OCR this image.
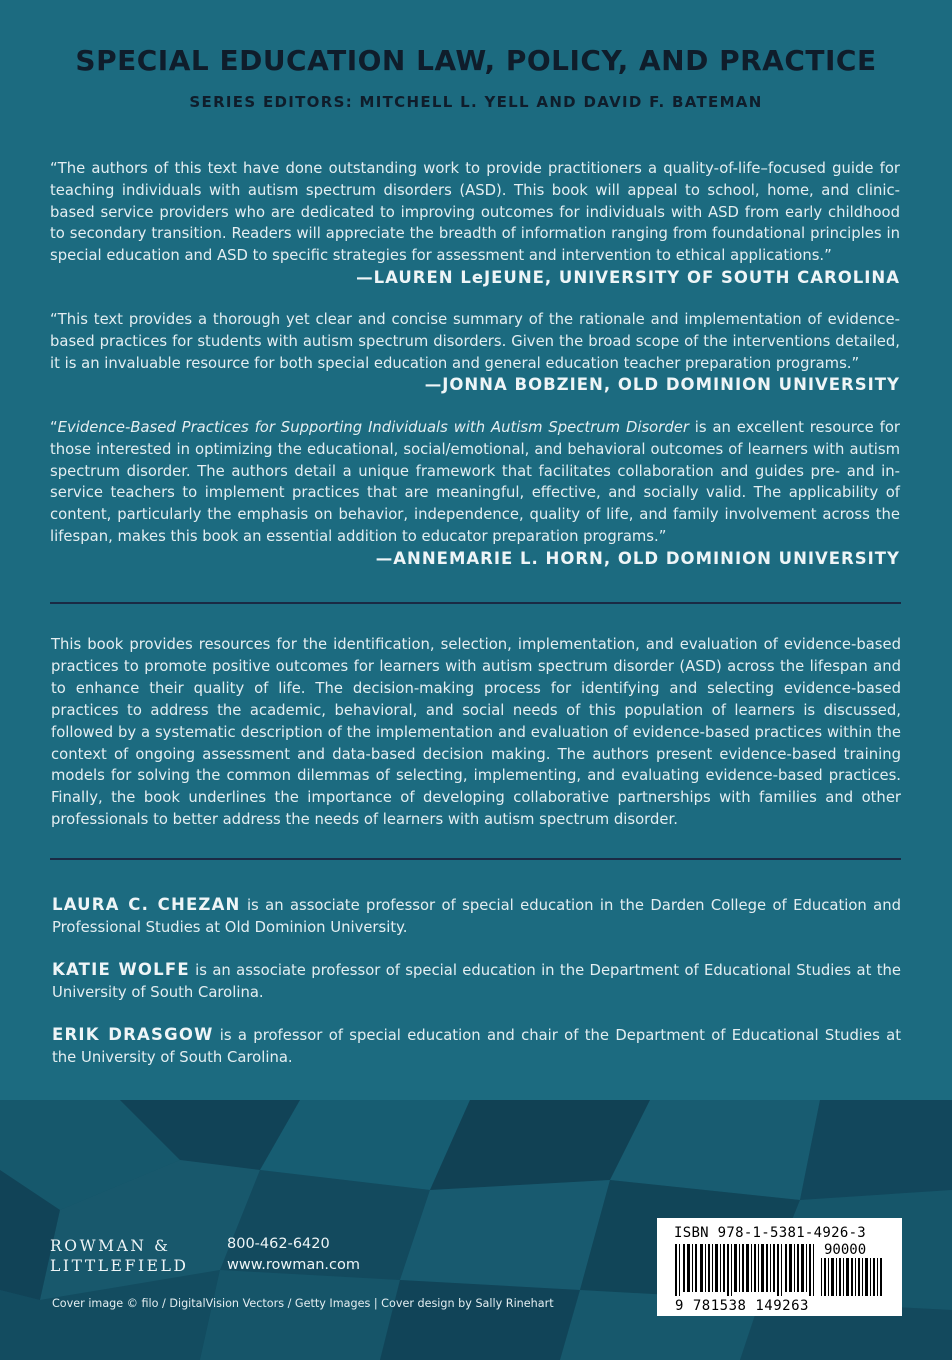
SPECIAL EDUCATION LAW, POLICY, AND PRACTICE
SERIES EDITORS: MITCHELL L. YELL AND DAVID F. BATEMAN

“The authors of this text have done outstanding work to provide practitioners a quality-of-life–focused guide for teaching individuals with autism spectrum disorders (ASD). This book will appeal to school, home, and clinic-based service providers who are dedicated to improving outcomes for individuals with ASD from early childhood to secondary transition. Readers will appreciate the breadth of information ranging from foundational principles in special education and ASD to specific strategies for assessment and intervention to ethical applications.”

—LAUREN LeJEUNE, UNIVERSITY OF SOUTH CAROLINA

“This text provides a thorough yet clear and concise summary of the rationale and implementation of evidence-based practices for students with autism spectrum disorders. Given the broad scope of the interventions detailed, it is an invaluable resource for both special education and general education teacher preparation programs.”

—JONNA BOBZIEN, OLD DOMINION UNIVERSITY

“Evidence-Based Practices for Supporting Individuals with Autism Spectrum Disorder is an excellent resource for those interested in optimizing the educational, social/emotional, and behavioral outcomes of learners with autism spectrum disorder. The authors detail a unique framework that facilitates collaboration and guides pre- and in-service teachers to implement practices that are meaningful, effective, and socially valid. The applicability of content, particularly the emphasis on behavior, independence, quality of life, and family involvement across the lifespan, makes this book an essential addition to educator preparation programs.”

—ANNEMARIE L. HORN, OLD DOMINION UNIVERSITY

This book provides resources for the identification, selection, implementation, and evaluation of evidence-based practices to promote positive outcomes for learners with autism spectrum disorder (ASD) across the lifespan and to enhance their quality of life. The decision-making process for identifying and selecting evidence-based practices to address the academic, behavioral, and social needs of this population of learners is discussed, followed by a systematic description of the implementation and evaluation of evidence-based practices within the context of ongoing assessment and data-based decision making. The authors present evidence-based training models for solving the common dilemmas of selecting, implementing, and evaluating evidence-based practices. Finally, the book underlines the importance of developing collaborative partnerships with families and other professionals to better address the needs of learners with autism spectrum disorder.

LAURA C. CHEZAN is an associate professor of special education in the Darden College of Education and Professional Studies at Old Dominion University.

KATIE WOLFE is an associate professor of special education in the Department of Educational Studies at the University of South Carolina.

ERIK DRASGOW is a professor of special education and chair of the Department of Educational Studies at the University of South Carolina.

ROWMAN &
LITTLEFIELD
800-462-6420
www.rowman.com
Cover image © filo / DigitalVision Vectors / Getty Images | Cover design by Sally Rinehart
ISBN 978-1-5381-4926-3
90000
9 781538 149263
